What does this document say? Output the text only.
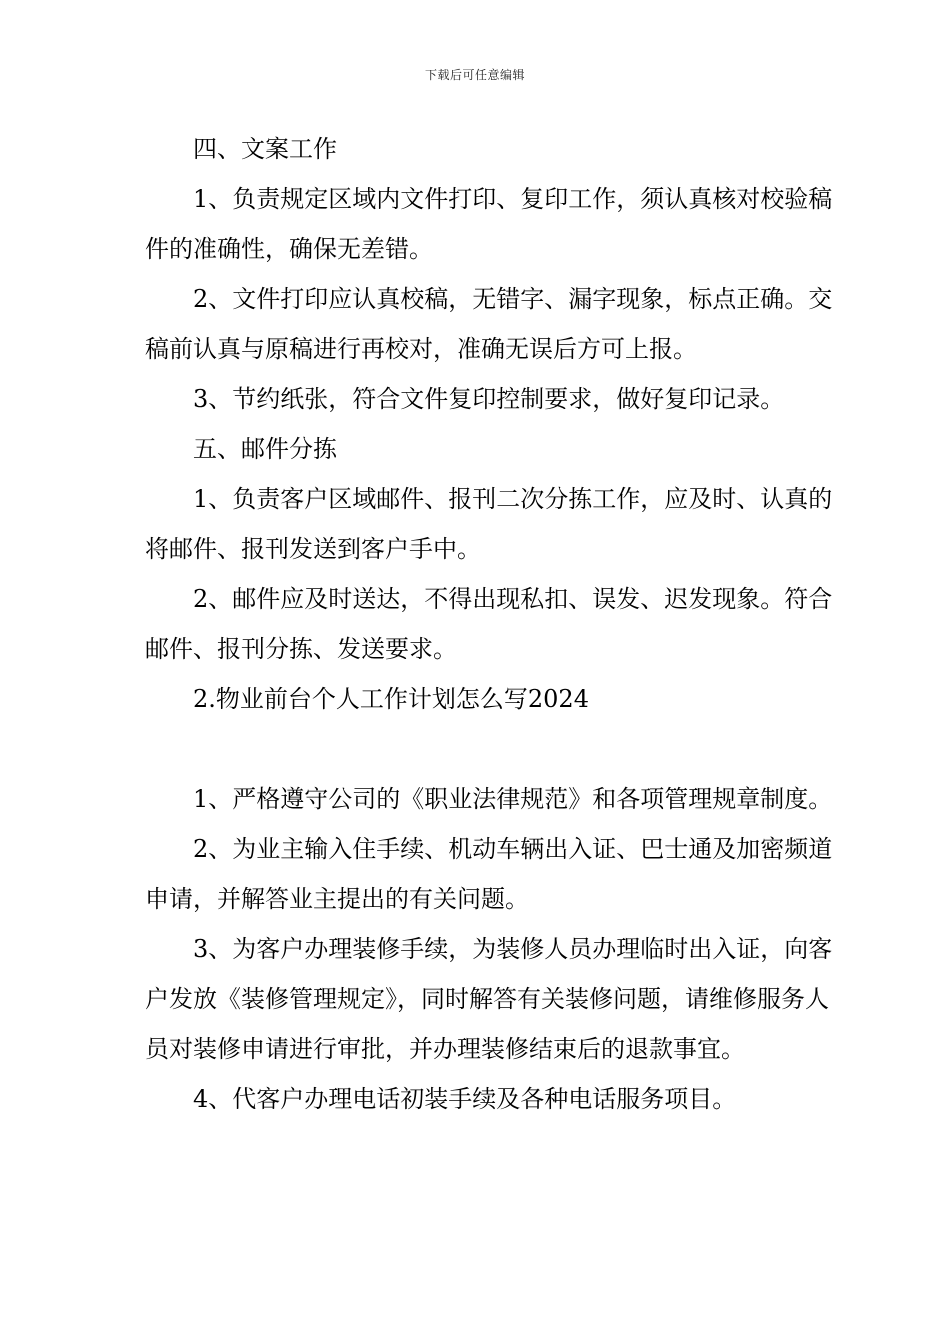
下载后可任意编辑

四、文案工作

1、负责规定区域内文件打印、复印工作，须认真核对校验稿件的准确性，确保无差错。

2、文件打印应认真校稿，无错字、漏字现象，标点正确。交稿前认真与原稿进行再校对，准确无误后方可上报。

3、节约纸张，符合文件复印控制要求，做好复印记录。

五、邮件分拣

1、负责客户区域邮件、报刊二次分拣工作，应及时、认真的将邮件、报刊发送到客户手中。

2、邮件应及时送达，不得出现私扣、误发、迟发现象。符合邮件、报刊分拣、发送要求。

2.物业前台个人工作计划怎么写2024

1、严格遵守公司的《职业法律规范》和各项管理规章制度。

2、为业主输入住手续、机动车辆出入证、巴士通及加密频道申请，并解答业主提出的有关问题。

3、为客户办理装修手续，为装修人员办理临时出入证，向客户发放《装修管理规定》，同时解答有关装修问题，请维修服务人员对装修申请进行审批，并办理装修结束后的退款事宜。

4、代客户办理电话初装手续及各种电话服务项目。
